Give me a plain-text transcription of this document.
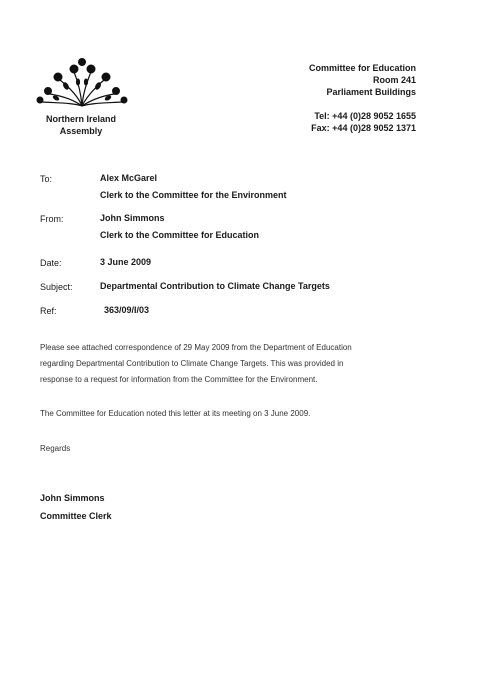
Northern Ireland
Assembly
Committee for Education
Room 241
Parliament Buildings
Tel: +44 (0)28 9052 1655
Fax: +44 (0)28 9052 1371
To:	Alex McGarel
Clerk to the Committee for the Environment
From:	John Simmons
Clerk to the Committee for Education
Date:	3 June 2009
Subject:	Departmental Contribution to Climate Change Targets
Ref:	363/09/I/03

Please see attached correspondence of 29 May 2009 from the Department of Education

regarding Departmental Contribution to Climate Change Targets. This was provided in

response to a request for information from the Committee for the Environment.

The Committee for Education noted this letter at its meeting on 3 June 2009.

Regards

John Simmons
Committee Clerk
